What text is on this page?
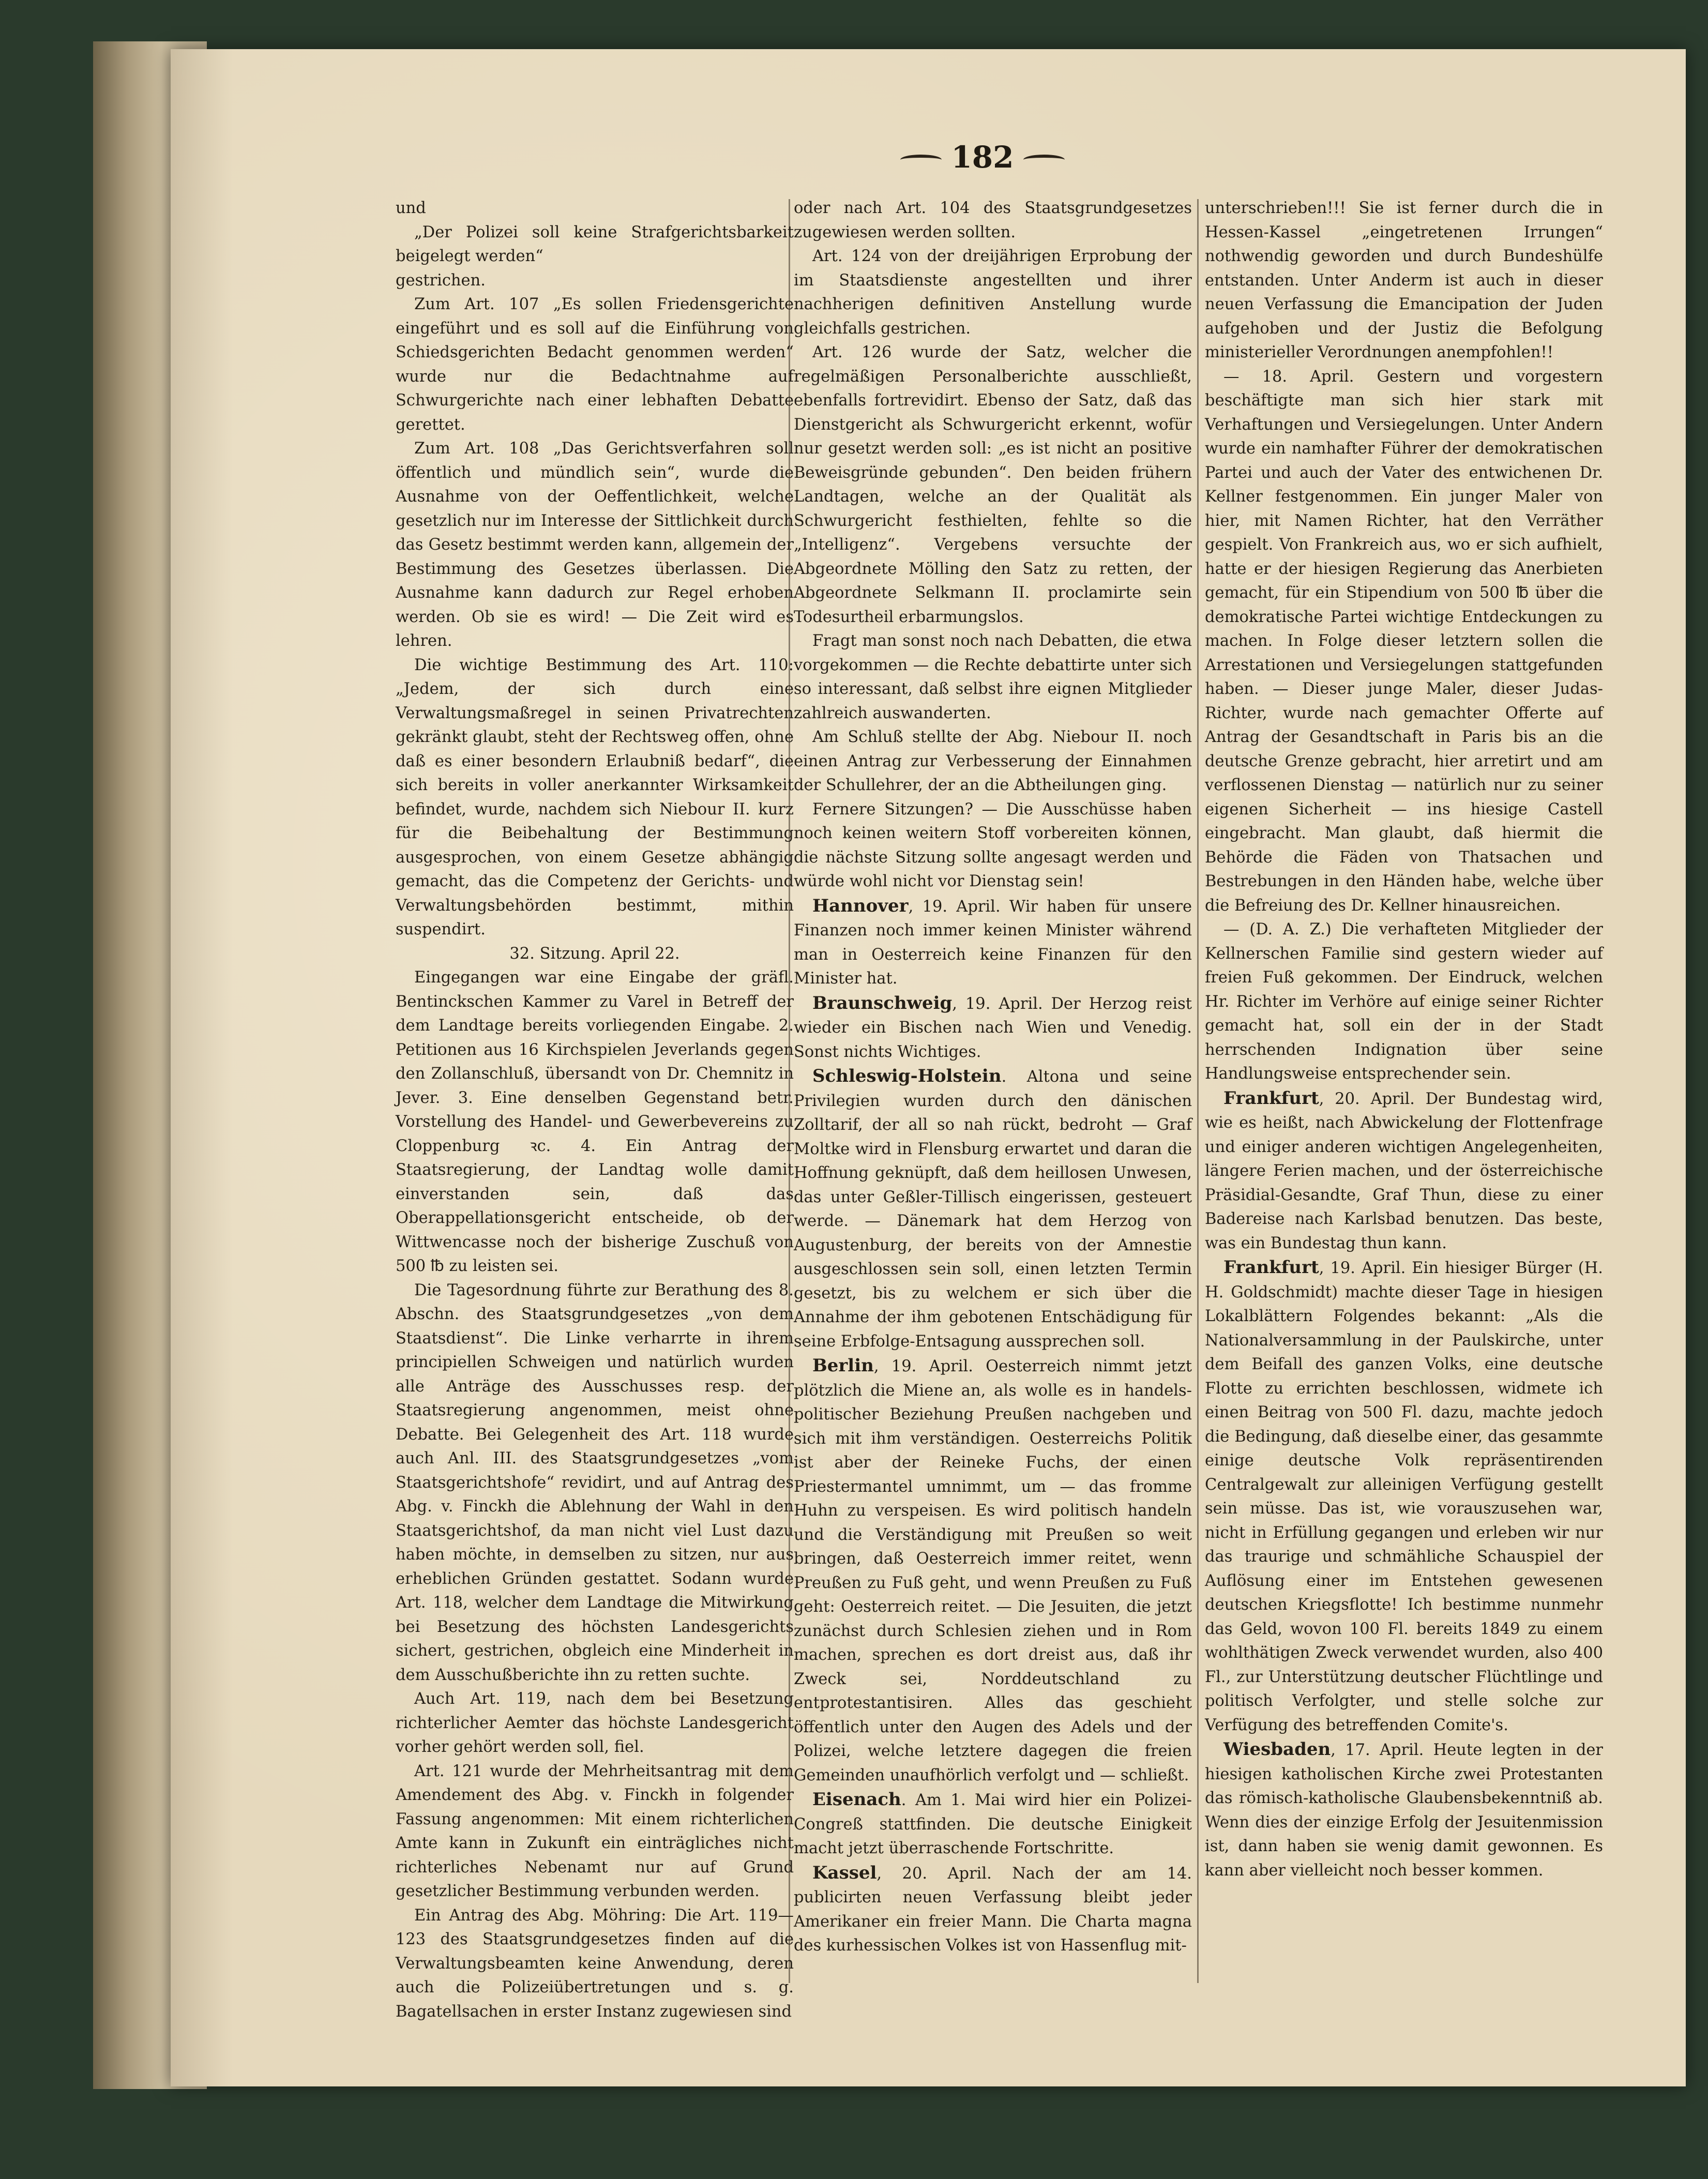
182

und

„Der Polizei soll keine Strafgerichtsbarkeit beigelegt werden“

gestrichen.

Zum Art. 107 „Es sollen Friedensgerichte eingeführt und es soll auf die Einführung von Schiedsgerichten Bedacht genommen werden“ wurde nur die Bedachtnahme auf Schwurgerichte nach einer lebhaften Debatte gerettet.

Zum Art. 108 „Das Gerichtsverfahren soll öffentlich und mündlich sein“, wurde die Ausnahme von der Oeffentlichkeit, welche gesetzlich nur im Interesse der Sittlichkeit durch das Gesetz bestimmt werden kann, allgemein der Bestimmung des Gesetzes überlassen. Die Ausnahme kann dadurch zur Regel erhoben werden. Ob sie es wird! — Die Zeit wird es lehren.

Die wichtige Bestimmung des Art. 110: „Jedem, der sich durch eine Verwaltungsmaßregel in seinen Privatrechten gekränkt glaubt, steht der Rechtsweg offen, ohne daß es einer besondern Erlaubniß bedarf“, die sich bereits in voller anerkannter Wirksamkeit befindet, wurde, nachdem sich Niebour II. kurz für die Beibehaltung der Bestimmung ausgesprochen, von einem Gesetze abhängig gemacht, das die Competenz der Gerichts- und Verwaltungsbehörden bestimmt, mithin suspendirt.

32. Sitzung. April 22.

Eingegangen war eine Eingabe der gräfl. Bentinckschen Kammer zu Varel in Betreff der dem Landtage bereits vorliegenden Eingabe. 2. Petitionen aus 16 Kirchspielen Jeverlands gegen den Zollanschluß, übersandt von Dr. Chemnitz in Jever. 3. Eine denselben Gegenstand betr. Vorstellung des Handel- und Gewerbevereins zu Cloppenburg ꝛc. 4. Ein Antrag der Staatsregierung, der Landtag wolle damit einverstanden sein, daß das Oberappellationsgericht entscheide, ob der Wittwencasse noch der bisherige Zuschuß von 500 ℔ zu leisten sei.

Die Tagesordnung führte zur Berathung des 8. Abschn. des Staatsgrundgesetzes „von dem Staatsdienst“. Die Linke verharrte in ihrem principiellen Schweigen und natürlich wurden alle Anträge des Ausschusses resp. der Staatsregierung angenommen, meist ohne Debatte. Bei Gelegenheit des Art. 118 wurde auch Anl. III. des Staatsgrundgesetzes „vom Staatsgerichtshofe“ revidirt, und auf Antrag des Abg. v. Finckh die Ablehnung der Wahl in den Staatsgerichtshof, da man nicht viel Lust dazu haben möchte, in demselben zu sitzen, nur aus erheblichen Gründen gestattet. Sodann wurde Art. 118, welcher dem Landtage die Mitwirkung bei Besetzung des höchsten Landesgerichts sichert, gestrichen, obgleich eine Minderheit in dem Ausschußberichte ihn zu retten suchte.

Auch Art. 119, nach dem bei Besetzung richterlicher Aemter das höchste Landesgericht vorher gehört werden soll, fiel.

Art. 121 wurde der Mehrheitsantrag mit dem Amendement des Abg. v. Finckh in folgender Fassung angenommen: Mit einem richterlichen Amte kann in Zukunft ein einträgliches nicht richterliches Nebenamt nur auf Grund gesetzlicher Bestimmung verbunden werden.

Ein Antrag des Abg. Möhring: Die Art. 119—123 des Staatsgrundgesetzes finden auf die Verwaltungsbeamten keine Anwendung, deren auch die Polizeiübertretungen und s. g. Bagatellsachen in erster Instanz zugewiesen sind

oder nach Art. 104 des Staatsgrundgesetzes zugewiesen werden sollten.

Art. 124 von der dreijährigen Erprobung der im Staatsdienste angestellten und ihrer nachherigen definitiven Anstellung wurde gleichfalls gestrichen.

Art. 126 wurde der Satz, welcher die regelmäßigen Personalberichte ausschließt, ebenfalls fortrevidirt. Ebenso der Satz, daß das Dienstgericht als Schwurgericht erkennt, wofür nur gesetzt werden soll: „es ist nicht an positive Beweisgründe gebunden“. Den beiden frühern Landtagen, welche an der Qualität als Schwurgericht festhielten, fehlte so die „Intelligenz“. Vergebens versuchte der Abgeordnete Mölling den Satz zu retten, der Abgeordnete Selkmann II. proclamirte sein Todesurtheil erbarmungslos.

Fragt man sonst noch nach Debatten, die etwa vorgekommen — die Rechte debattirte unter sich so interessant, daß selbst ihre eignen Mitglieder zahlreich auswanderten.

Am Schluß stellte der Abg. Niebour II. noch einen Antrag zur Verbesserung der Einnahmen der Schullehrer, der an die Abtheilungen ging.

Fernere Sitzungen? — Die Ausschüsse haben noch keinen weitern Stoff vorbereiten können, die nächste Sitzung sollte angesagt werden und würde wohl nicht vor Dienstag sein!

Hannover, 19. April. Wir haben für unsere Finanzen noch immer keinen Minister während man in Oesterreich keine Finanzen für den Minister hat.

Braunschweig, 19. April. Der Herzog reist wieder ein Bischen nach Wien und Venedig. Sonst nichts Wichtiges.

Schleswig-Holstein. Altona und seine Privilegien wurden durch den dänischen Zolltarif, der all so nah rückt, bedroht — Graf Moltke wird in Flensburg erwartet und daran die Hoffnung geknüpft, daß dem heillosen Unwesen, das unter Geßler-Tillisch eingerissen, gesteuert werde. — Dänemark hat dem Herzog von Augustenburg, der bereits von der Amnestie ausgeschlossen sein soll, einen letzten Termin gesetzt, bis zu welchem er sich über die Annahme der ihm gebotenen Entschädigung für seine Erbfolge-Entsagung aussprechen soll.

Berlin, 19. April. Oesterreich nimmt jetzt plötzlich die Miene an, als wolle es in handels-politischer Beziehung Preußen nachgeben und sich mit ihm verständigen. Oesterreichs Politik ist aber der Reineke Fuchs, der einen Priestermantel umnimmt, um — das fromme Huhn zu verspeisen. Es wird politisch handeln und die Verständigung mit Preußen so weit bringen, daß Oesterreich immer reitet, wenn Preußen zu Fuß geht, und wenn Preußen zu Fuß geht: Oesterreich reitet. — Die Jesuiten, die jetzt zunächst durch Schlesien ziehen und in Rom machen, sprechen es dort dreist aus, daß ihr Zweck sei, Norddeutschland zu entprotestantisiren. Alles das geschieht öffentlich unter den Augen des Adels und der Polizei, welche letztere dagegen die freien Gemeinden unaufhörlich verfolgt und — schließt.

Eisenach. Am 1. Mai wird hier ein Polizei-Congreß stattfinden. Die deutsche Einigkeit macht jetzt überraschende Fortschritte.

Kassel, 20. April. Nach der am 14. publicirten neuen Verfassung bleibt jeder Amerikaner ein freier Mann. Die Charta magna des kurhessischen Volkes ist von Hassenflug mit-

unterschrieben!!! Sie ist ferner durch die in Hessen-Kassel „eingetretenen Irrungen“ nothwendig geworden und durch Bundeshülfe entstanden. Unter Anderm ist auch in dieser neuen Verfassung die Emancipation der Juden aufgehoben und der Justiz die Befolgung ministerieller Verordnungen anempfohlen!!

— 18. April. Gestern und vorgestern beschäftigte man sich hier stark mit Verhaftungen und Versiegelungen. Unter Andern wurde ein namhafter Führer der demokratischen Partei und auch der Vater des entwichenen Dr. Kellner festgenommen. Ein junger Maler von hier, mit Namen Richter, hat den Verräther gespielt. Von Frankreich aus, wo er sich aufhielt, hatte er der hiesigen Regierung das Anerbieten gemacht, für ein Stipendium von 500 ℔ über die demokratische Partei wichtige Entdeckungen zu machen. In Folge dieser letztern sollen die Arrestationen und Versiegelungen stattgefunden haben. — Dieser junge Maler, dieser Judas-Richter, wurde nach gemachter Offerte auf Antrag der Gesandtschaft in Paris bis an die deutsche Grenze gebracht, hier arretirt und am verflossenen Dienstag — natürlich nur zu seiner eigenen Sicherheit — ins hiesige Castell eingebracht. Man glaubt, daß hiermit die Behörde die Fäden von Thatsachen und Bestrebungen in den Händen habe, welche über die Befreiung des Dr. Kellner hinausreichen.

— (D. A. Z.) Die verhafteten Mitglieder der Kellnerschen Familie sind gestern wieder auf freien Fuß gekommen. Der Eindruck, welchen Hr. Richter im Verhöre auf einige seiner Richter gemacht hat, soll ein der in der Stadt herrschenden Indignation über seine Handlungsweise entsprechender sein.

Frankfurt, 20. April. Der Bundestag wird, wie es heißt, nach Abwickelung der Flottenfrage und einiger anderen wichtigen Angelegenheiten, längere Ferien machen, und der österreichische Präsidial-Gesandte, Graf Thun, diese zu einer Badereise nach Karlsbad benutzen. Das beste, was ein Bundestag thun kann.

Frankfurt, 19. April. Ein hiesiger Bürger (H. H. Goldschmidt) machte dieser Tage in hiesigen Lokalblättern Folgendes bekannt: „Als die Nationalversammlung in der Paulskirche, unter dem Beifall des ganzen Volks, eine deutsche Flotte zu errichten beschlossen, widmete ich einen Beitrag von 500 Fl. dazu, machte jedoch die Bedingung, daß dieselbe einer, das gesammte einige deutsche Volk repräsentirenden Centralgewalt zur alleinigen Verfügung gestellt sein müsse. Das ist, wie vorauszusehen war, nicht in Erfüllung gegangen und erleben wir nur das traurige und schmähliche Schauspiel der Auflösung einer im Entstehen gewesenen deutschen Kriegsflotte! Ich bestimme nunmehr das Geld, wovon 100 Fl. bereits 1849 zu einem wohlthätigen Zweck verwendet wurden, also 400 Fl., zur Unterstützung deutscher Flüchtlinge und politisch Verfolgter, und stelle solche zur Verfügung des betreffenden Comite's.

Wiesbaden, 17. April. Heute legten in der hiesigen katholischen Kirche zwei Protestanten das römisch-katholische Glaubensbekenntniß ab. Wenn dies der einzige Erfolg der Jesuitenmission ist, dann haben sie wenig damit gewonnen. Es kann aber vielleicht noch besser kommen.
